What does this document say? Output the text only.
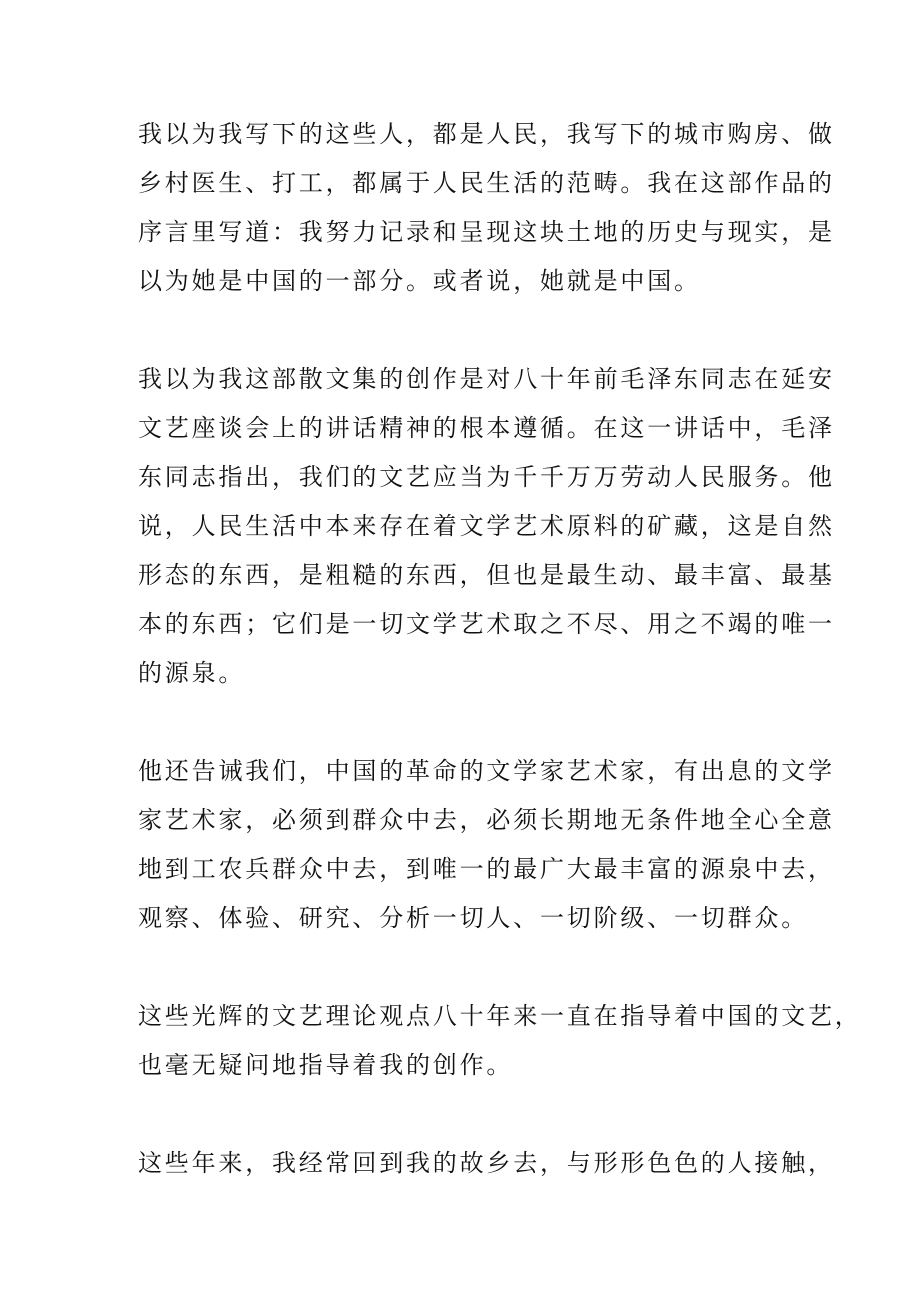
我以为我写下的这些人，都是人民，我写下的城市购房、做
乡村医生、打工，都属于人民生活的范畴。我在这部作品的
序言里写道：我努力记录和呈现这块土地的历史与现实，是
以为她是中国的一部分。或者说，她就是中国。

我以为我这部散文集的创作是对八十年前毛泽东同志在延安
文艺座谈会上的讲话精神的根本遵循。在这一讲话中，毛泽
东同志指出，我们的文艺应当为千千万万劳动人民服务。他
说，人民生活中本来存在着文学艺术原料的矿藏，这是自然
形态的东西，是粗糙的东西，但也是最生动、最丰富、最基
本的东西；它们是一切文学艺术取之不尽、用之不竭的唯一
的源泉。

他还告诫我们，中国的革命的文学家艺术家，有出息的文学
家艺术家，必须到群众中去，必须长期地无条件地全心全意
地到工农兵群众中去，到唯一的最广大最丰富的源泉中去，
观察、体验、研究、分析一切人、一切阶级、一切群众。

这些光辉的文艺理论观点八十年来一直在指导着中国的文艺，
也毫无疑问地指导着我的创作。

这些年来，我经常回到我的故乡去，与形形色色的人接触，
